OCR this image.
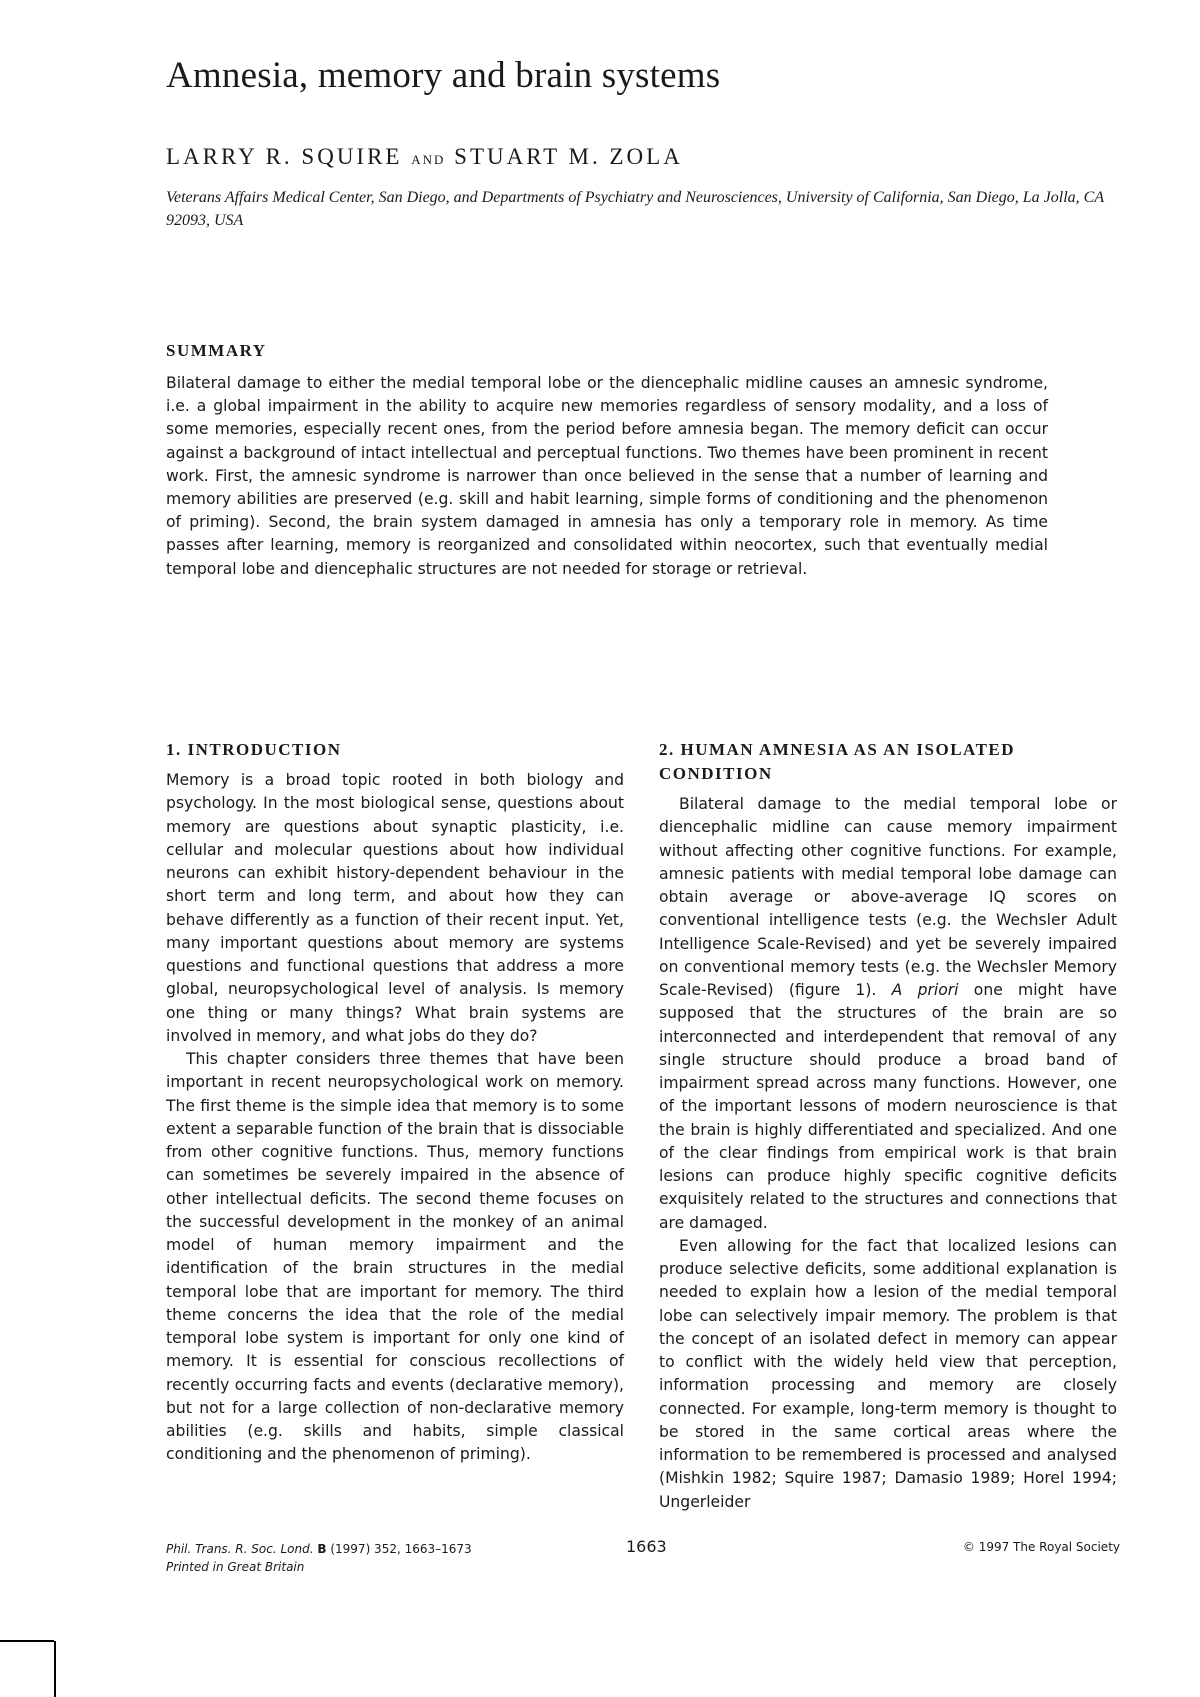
Amnesia, memory and brain systems
LARRY R. SQUIRE AND STUART M. ZOLA
Veterans Affairs Medical Center, San Diego, and Departments of Psychiatry and Neurosciences, University of California, San Diego, La Jolla, CA 92093, USA
SUMMARY

Bilateral damage to either the medial temporal lobe or the diencephalic midline causes an amnesic syndrome, i.e. a global impairment in the ability to acquire new memories regardless of sensory modality, and a loss of some memories, especially recent ones, from the period before amnesia began. The memory deficit can occur against a background of intact intellectual and perceptual functions. Two themes have been prominent in recent work. First, the amnesic syndrome is narrower than once believed in the sense that a number of learning and memory abilities are preserved (e.g. skill and habit learning, simple forms of conditioning and the phenomenon of priming). Second, the brain system damaged in amnesia has only a temporary role in memory. As time passes after learning, memory is reorganized and consolidated within neocortex, such that eventually medial temporal lobe and diencephalic structures are not needed for storage or retrieval.

1. INTRODUCTION

Memory is a broad topic rooted in both biology and psychology. In the most biological sense, questions about memory are questions about synaptic plasticity, i.e. cellular and molecular questions about how individual neurons can exhibit history-dependent behaviour in the short term and long term, and about how they can behave differently as a function of their recent input. Yet, many important questions about memory are systems questions and functional questions that address a more global, neuropsychological level of analysis. Is memory one thing or many things? What brain systems are involved in memory, and what jobs do they do?

This chapter considers three themes that have been important in recent neuropsychological work on memory. The first theme is the simple idea that memory is to some extent a separable function of the brain that is dissociable from other cognitive functions. Thus, memory functions can sometimes be severely impaired in the absence of other intellectual deficits. The second theme focuses on the successful development in the monkey of an animal model of human memory impairment and the identification of the brain structures in the medial temporal lobe that are important for memory. The third theme concerns the idea that the role of the medial temporal lobe system is important for only one kind of memory. It is essential for conscious recollections of recently occurring facts and events (declarative memory), but not for a large collection of non-declarative memory abilities (e.g. skills and habits, simple classical conditioning and the phenomenon of priming).

2. HUMAN AMNESIA AS AN ISOLATED CONDITION

Bilateral damage to the medial temporal lobe or diencephalic midline can cause memory impairment without affecting other cognitive functions. For example, amnesic patients with medial temporal lobe damage can obtain average or above-average IQ scores on conventional intelligence tests (e.g. the Wechsler Adult Intelligence Scale-Revised) and yet be severely impaired on conventional memory tests (e.g. the Wechsler Memory Scale-Revised) (figure 1). A priori one might have supposed that the structures of the brain are so interconnected and interdependent that removal of any single structure should produce a broad band of impairment spread across many functions. However, one of the important lessons of modern neuroscience is that the brain is highly differentiated and specialized. And one of the clear findings from empirical work is that brain lesions can produce highly specific cognitive deficits exquisitely related to the structures and connections that are damaged.

Even allowing for the fact that localized lesions can produce selective deficits, some additional explanation is needed to explain how a lesion of the medial temporal lobe can selectively impair memory. The problem is that the concept of an isolated defect in memory can appear to conflict with the widely held view that perception, information processing and memory are closely connected. For example, long-term memory is thought to be stored in the same cortical areas where the information to be remembered is processed and analysed (Mishkin 1982; Squire 1987; Damasio 1989; Horel 1994; Ungerleider

Phil. Trans. R. Soc. Lond. B (1997) 352, 1663–1673
Printed in Great Britain
1663	© 1997 The Royal Society
